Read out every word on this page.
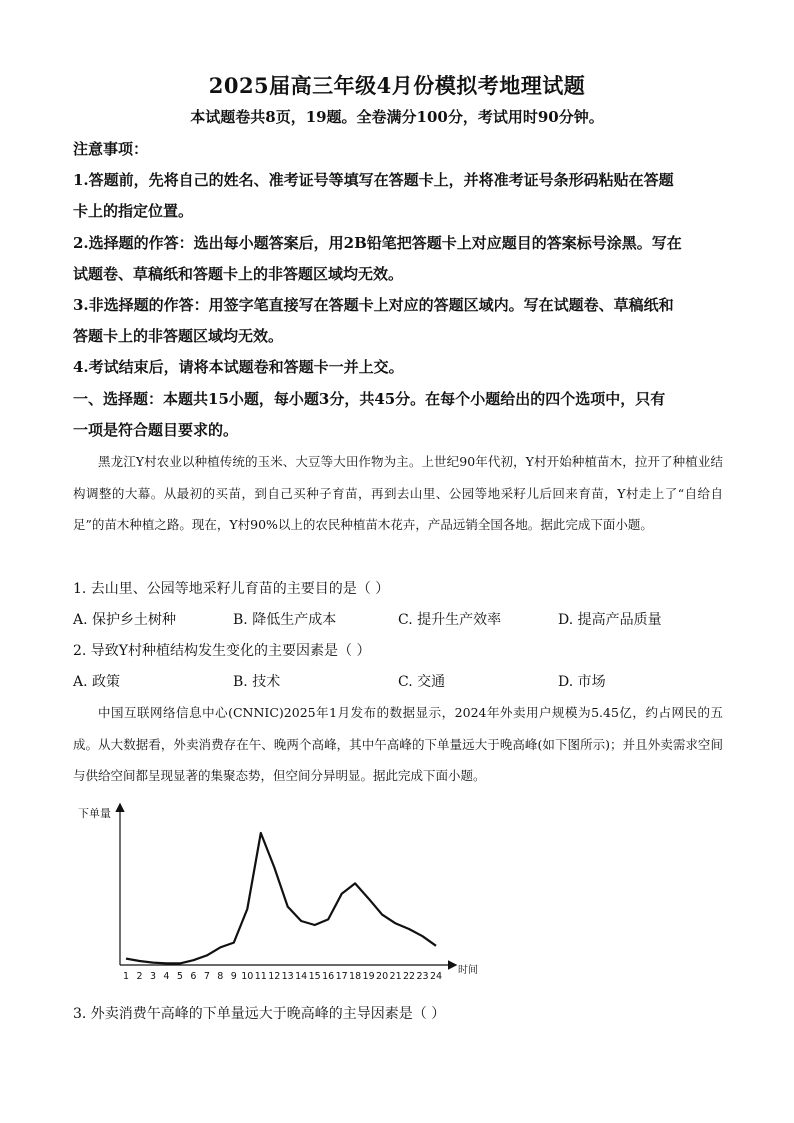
2025届高三年级4月份模拟考地理试题
本试题卷共8页，19题。全卷满分100分，考试用时90分钟。
注意事项：
1.答题前，先将自己的姓名、准考证号等填写在答题卡上，并将准考证号条形码粘贴在答题
卡上的指定位置。
2.选择题的作答：选出每小题答案后，用2B铅笔把答题卡上对应题目的答案标号涂黑。写在
试题卷、草稿纸和答题卡上的非答题区域均无效。
3.非选择题的作答：用签字笔直接写在答题卡上对应的答题区域内。写在试题卷、草稿纸和
答题卡上的非答题区域均无效。
4.考试结束后，请将本试题卷和答题卡一并上交。
一、选择题：本题共15小题，每小题3分，共45分。在每个小题给出的四个选项中，只有
一项是符合题目要求的。

黑龙江Y村农业以种植传统的玉米、大豆等大田作物为主。上世纪90年代初，Y村开始种植苗木，拉开了种植业结构调整的大幕。从最初的买苗，到自己买种子育苗，再到去山里、公园等地采籽儿后回来育苗，Y村走上了“自给自足”的苗木种植之路。现在，Y村90%以上的农民种植苗木花卉，产品远销全国各地。据此完成下面小题。

1. 去山里、公园等地采籽儿育苗的主要目的是（ ）
A. 保护乡土树种	B. 降低生产成本	C. 提升生产效率	D. 提高产品质量
2. 导致Y村种植结构发生变化的主要因素是（ ）
A. 政策	B. 技术	C. 交通	D. 市场

中国互联网络信息中心(CNNIC)2025年1月发布的数据显示，2024年外卖用户规模为5.45亿，约占网民的五成。从大数据看，外卖消费存在午、晚两个高峰，其中午高峰的下单量远大于晚高峰(如下图所示)；并且外卖需求空间与供给空间都呈现显著的集聚态势，但空间分异明显。据此完成下面小题。

下单量
时间
1 2 3 4 5 6 7 8 9 10 11 12 13 14 15 16 17 18 19 20 21 22 23 24
3. 外卖消费午高峰的下单量远大于晚高峰的主导因素是（ ）
